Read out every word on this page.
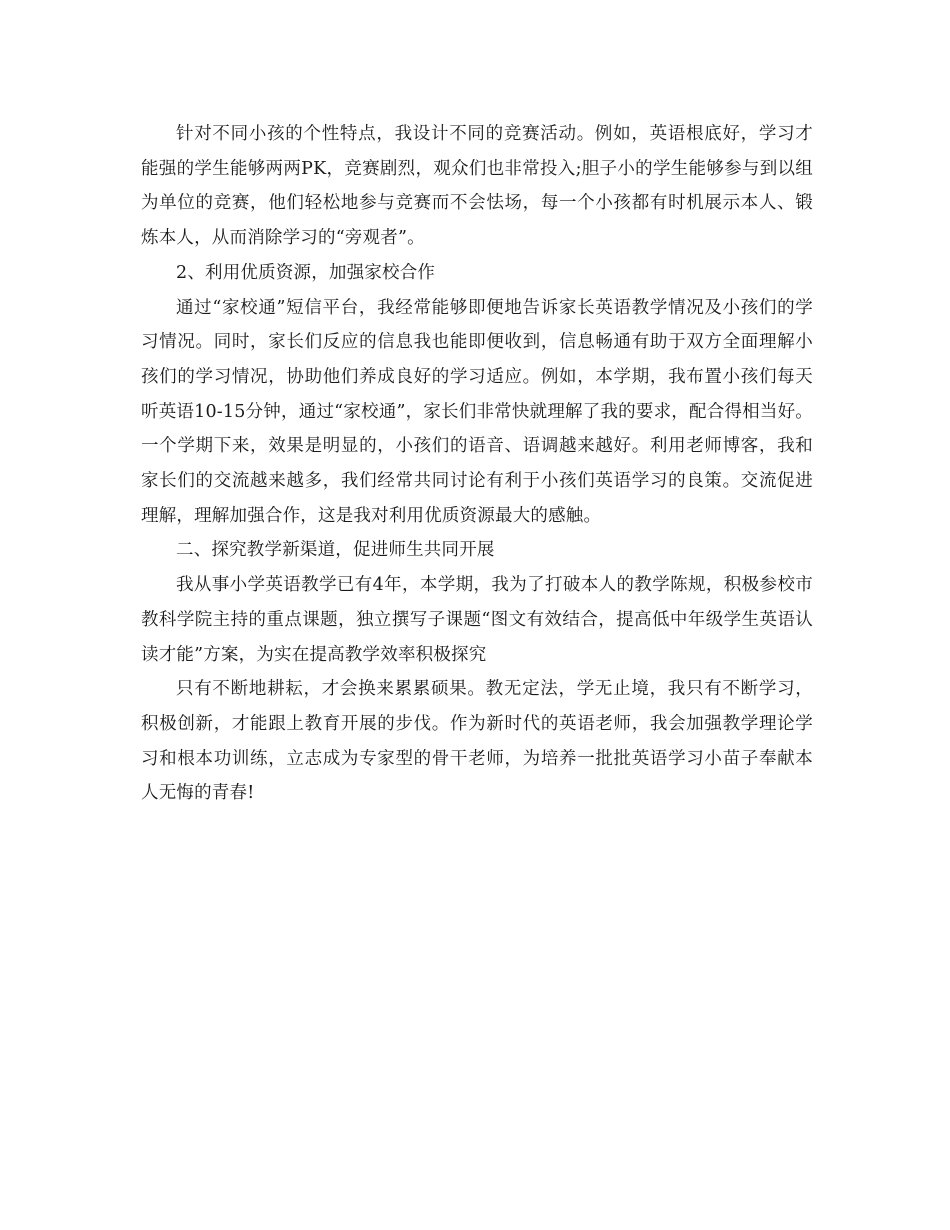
针对不同小孩的个性特点，我设计不同的竞赛活动。例如，英语根底好，学习才能强的学生能够两两PK，竞赛剧烈，观众们也非常投入;胆子小的学生能够参与到以组为单位的竞赛，他们轻松地参与竞赛而不会怯场，每一个小孩都有时机展示本人、锻炼本人，从而消除学习的“旁观者”。

2、利用优质资源，加强家校合作

通过“家校通”短信平台，我经常能够即便地告诉家长英语教学情况及小孩们的学习情况。同时，家长们反应的信息我也能即便收到，信息畅通有助于双方全面理解小孩们的学习情况，协助他们养成良好的学习适应。例如，本学期，我布置小孩们每天听英语10-15分钟，通过“家校通”，家长们非常快就理解了我的要求，配合得相当好。一个学期下来，效果是明显的，小孩们的语音、语调越来越好。利用老师博客，我和家长们的交流越来越多，我们经常共同讨论有利于小孩们英语学习的良策。交流促进理解，理解加强合作，这是我对利用优质资源最大的感触。

二、探究教学新渠道，促进师生共同开展

我从事小学英语教学已有4年，本学期，我为了打破本人的教学陈规，积极参校市教科学院主持的重点课题，独立撰写子课题“图文有效结合，提高低中年级学生英语认读才能”方案，为实在提高教学效率积极探究

只有不断地耕耘，才会换来累累硕果。教无定法，学无止境，我只有不断学习，积极创新，才能跟上教育开展的步伐。作为新时代的英语老师，我会加强教学理论学习和根本功训练，立志成为专家型的骨干老师，为培养一批批英语学习小苗子奉献本人无悔的青春!
